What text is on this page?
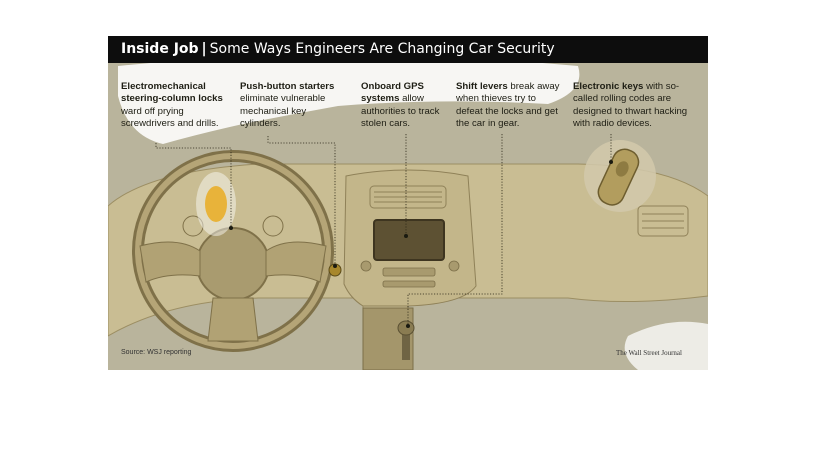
Inside Job | Some Ways Engineers Are Changing Car Security
Electromechanical steering-column locks ward off prying screwdrivers and drills.
Push-button starters eliminate vulnerable mechanical key cylinders.
Onboard GPS systems allow authorities to track stolen cars.
Shift levers break away when thieves try to defeat the locks and get the car in gear.
Electronic keys with so-called rolling codes are designed to thwart hacking with radio devices.
Source: WSJ reporting	The Wall Street Journal
